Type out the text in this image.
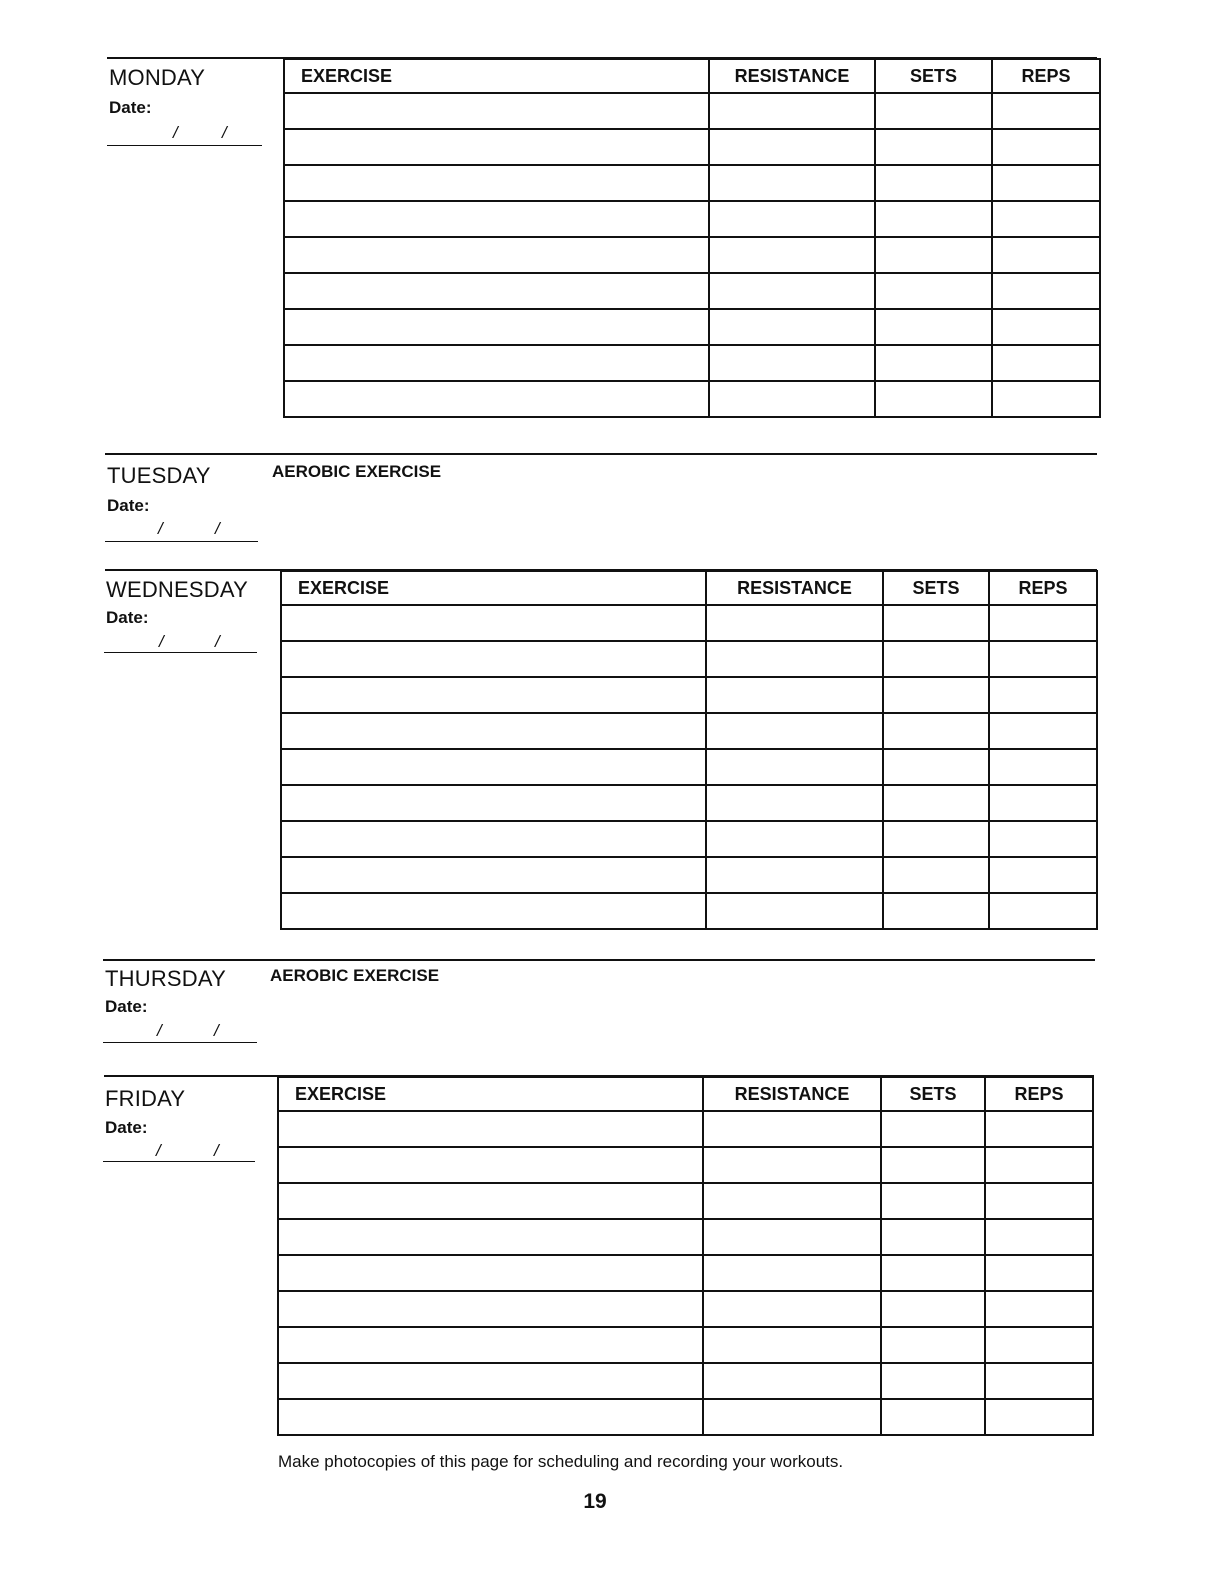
MONDAY
Date:
/	/
EXERCISE	RESISTANCE	SETS	REPS

TUESDAY	AEROBIC EXERCISE
Date:
/	/
WEDNESDAY
Date:
/	/
EXERCISE	RESISTANCE	SETS	REPS

THURSDAY	AEROBIC EXERCISE
Date:
/	/
FRIDAY
Date:
/	/
EXERCISE	RESISTANCE	SETS	REPS

Make photocopies of this page for scheduling and recording your workouts.
19
